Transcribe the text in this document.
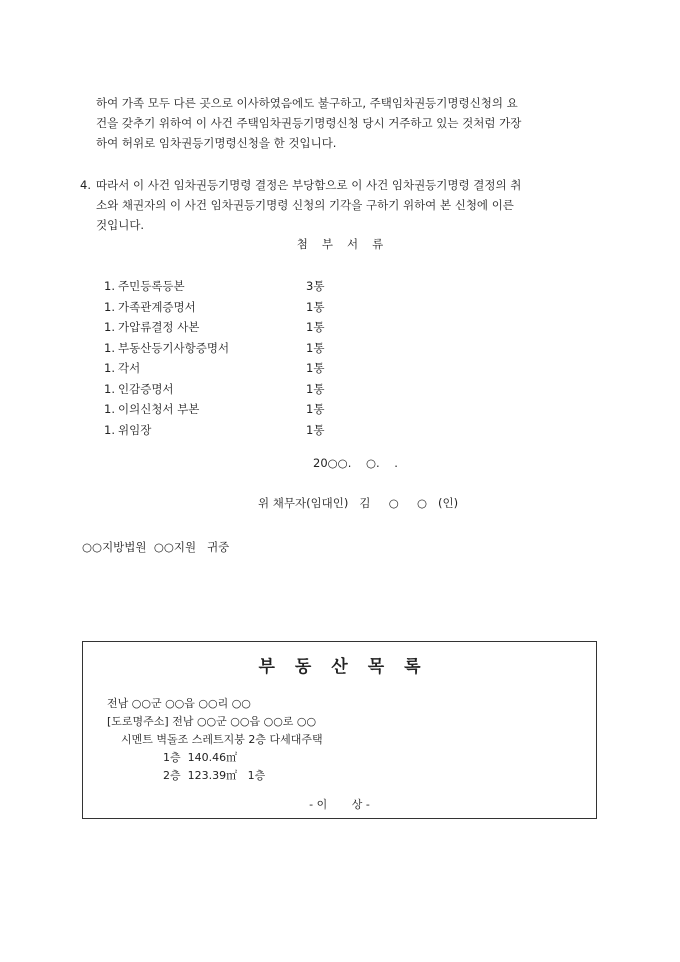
하여 가족 모두 다른 곳으로 이사하였음에도 불구하고, 주택임차권등기명령신청의 요
건을 갖추기 위하여 이 사건 주택임차권등기명령신청 당시 거주하고 있는 것처럼 가장
하여 허위로 임차권등기명령신청을 한 것입니다.
4. 따라서 이 사건 임차권등기명령 결정은 부당함으로 이 사건 임차권등기명령 결정의 취
소와 채권자의 이 사건 임차권등기명령 신청의 기각을 구하기 위하여 본 신청에 이른
것입니다.
첨부서류
1. 주민등록등본	3통
1. 가족관계증명서	1통
1. 가압류결정 사본	1통
1. 부동산등기사항증명서	1통
1. 각서	1통
1. 인감증명서	1통
1. 이의신청서 부본	1통
1. 위임장	1통
20○○.    ○.    .
위 채무자(임대인)   김     ○     ○   (인)
○○지방법원  ○○지원   귀중
부동산목록
전남 ○○군 ○○읍 ○○리 ○○
[도로명주소] 전남 ○○군 ○○읍 ○○로 ○○
시멘트 벽돌조 스레트지붕 2층 다세대주택
1층  140.46㎡
2층  123.39㎡   1층
- 이       상 -
